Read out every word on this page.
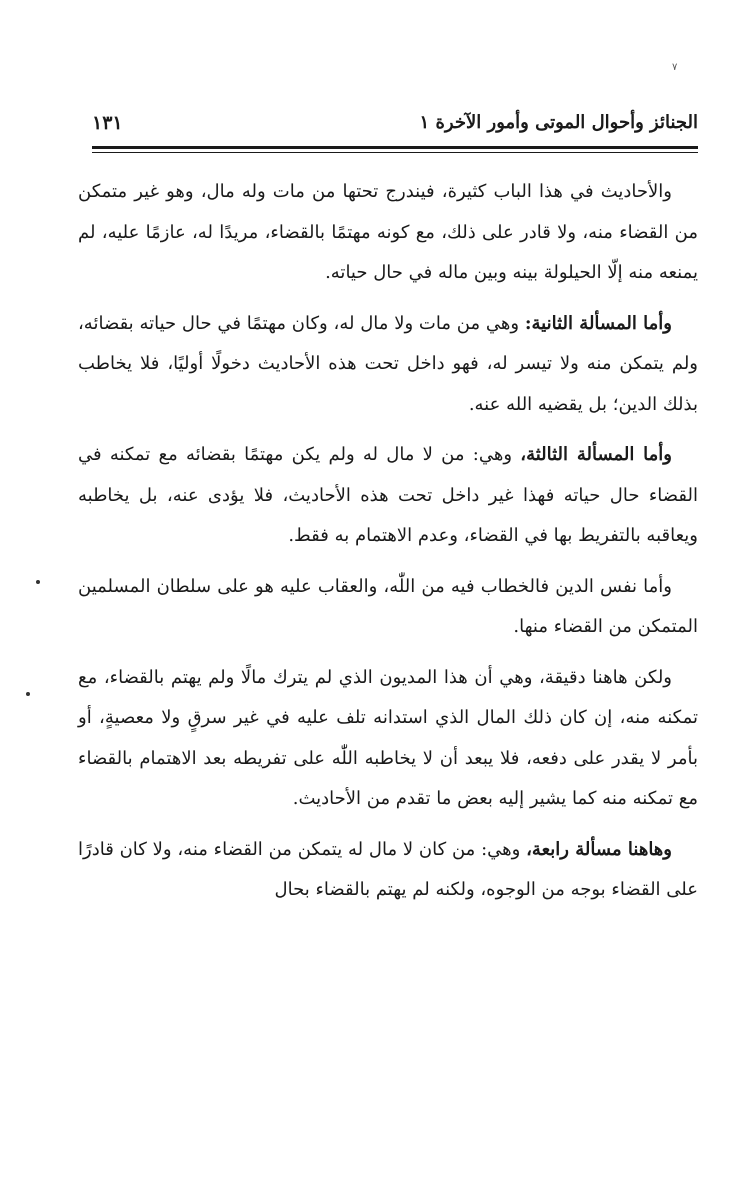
٧
الجنائز وأحوال الموتى وأمور الآخرة ١
١٣١

والأحاديث في هذا الباب كثيرة، فيندرج تحتها من مات وله مال، وهو غير متمكن من القضاء منه، ولا قادر على ذلك، مع كونه مهتمًا بالقضاء، مريدًا له، عازمًا عليه، لم يمنعه منه إلّا الحيلولة بينه وبين ماله في حال حياته.

وأما المسألة الثانية: وهي من مات ولا مال له، وكان مهتمًا في حال حياته بقضائه، ولم يتمكن منه ولا تيسر له، فهو داخل تحت هذه الأحاديث دخولًا أوليًا، فلا يخاطب بذلك الدين؛ بل يقضيه الله عنه.

وأما المسألة الثالثة، وهي: من لا مال له ولم يكن مهتمًا بقضائه مع تمكنه في القضاء حال حياته فهذا غير داخل تحت هذه الأحاديث، فلا يؤدى عنه، بل يخاطبه ويعاقبه بالتفريط بها في القضاء، وعدم الاهتمام به فقط.

وأما نفس الدين فالخطاب فيه من اللّٰه، والعقاب عليه هو على سلطان المسلمين المتمكن من القضاء منها.

ولكن هاهنا دقيقة، وهي أن هذا المديون الذي لم يترك مالًا ولم يهتم بالقضاء، مع تمكنه منه، إن كان ذلك المال الذي استدانه تلف عليه في غير سرقٍ ولا معصيةٍ، أو بأمر لا يقدر على دفعه، فلا يبعد أن لا يخاطبه اللّٰه على تفريطه بعد الاهتمام بالقضاء مع تمكنه منه كما يشير إليه بعض ما تقدم من الأحاديث.

وهاهنا مسألة رابعة، وهي: من كان لا مال له يتمكن من القضاء منه، ولا كان قادرًا على القضاء بوجه من الوجوه، ولكنه لم يهتم بالقضاء بحال
